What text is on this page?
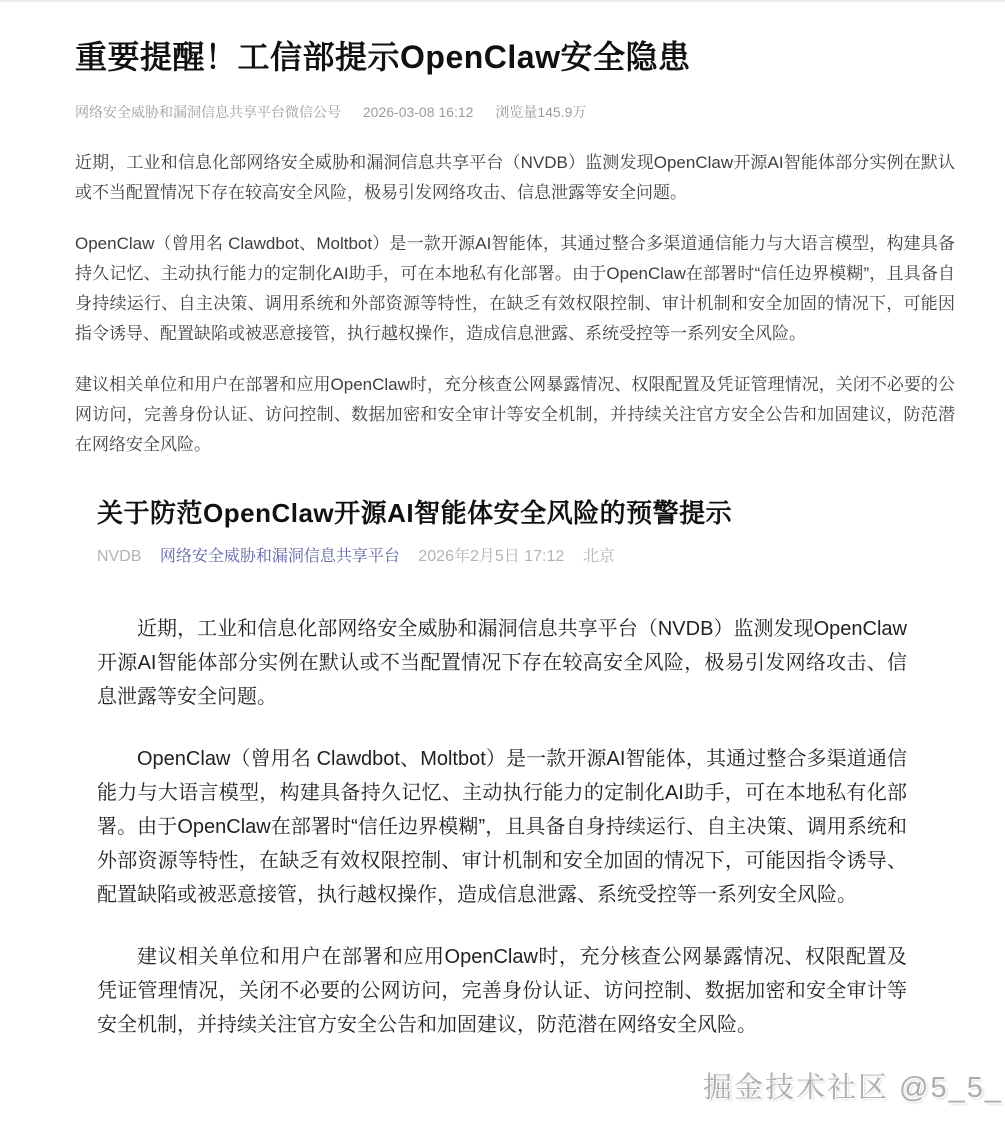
重要提醒！工信部提示OpenClaw安全隐患
网络安全威胁和漏洞信息共享平台微信公号 2026-03-08 16:12 浏览量145.9万

近期，工业和信息化部网络安全威胁和漏洞信息共享平台（NVDB）监测发现OpenClaw开源AI智能体部分实例在默认或不当配置情况下存在较高安全风险，极易引发网络攻击、信息泄露等安全问题。

OpenClaw（曾用名 Clawdbot、Moltbot）是一款开源AI智能体，其通过整合多渠道通信能力与大语言模型，构建具备持久记忆、主动执行能力的定制化AI助手，可在本地私有化部署。由于OpenClaw在部署时“信任边界模糊”，且具备自身持续运行、自主决策、调用系统和外部资源等特性，在缺乏有效权限控制、审计机制和安全加固的情况下，可能因指令诱导、配置缺陷或被恶意接管，执行越权操作，造成信息泄露、系统受控等一系列安全风险。

建议相关单位和用户在部署和应用OpenClaw时，充分核查公网暴露情况、权限配置及凭证管理情况，关闭不必要的公网访问，完善身份认证、访问控制、数据加密和安全审计等安全机制，并持续关注官方安全公告和加固建议，防范潜在网络安全风险。

关于防范OpenClaw开源AI智能体安全风险的预警提示
NVDB 网络安全威胁和漏洞信息共享平台 2026年2月5日 17:12 北京

近期，工业和信息化部网络安全威胁和漏洞信息共享平台（NVDB）监测发现OpenClaw开源AI智能体部分实例在默认或不当配置情况下存在较高安全风险，极易引发网络攻击、信息泄露等安全问题。

OpenClaw（曾用名 Clawdbot、Moltbot）是一款开源AI智能体，其通过整合多渠道通信能力与大语言模型，构建具备持久记忆、主动执行能力的定制化AI助手，可在本地私有化部署。由于OpenClaw在部署时“信任边界模糊”，且具备自身持续运行、自主决策、调用系统和外部资源等特性，在缺乏有效权限控制、审计机制和安全加固的情况下，可能因指令诱导、配置缺陷或被恶意接管，执行越权操作，造成信息泄露、系统受控等一系列安全风险。

建议相关单位和用户在部署和应用OpenClaw时，充分核查公网暴露情况、权限配置及凭证管理情况，关闭不必要的公网访问，完善身份认证、访问控制、数据加密和安全审计等安全机制，并持续关注官方安全公告和加固建议，防范潜在网络安全风险。

掘金技术社区 @5_5_
